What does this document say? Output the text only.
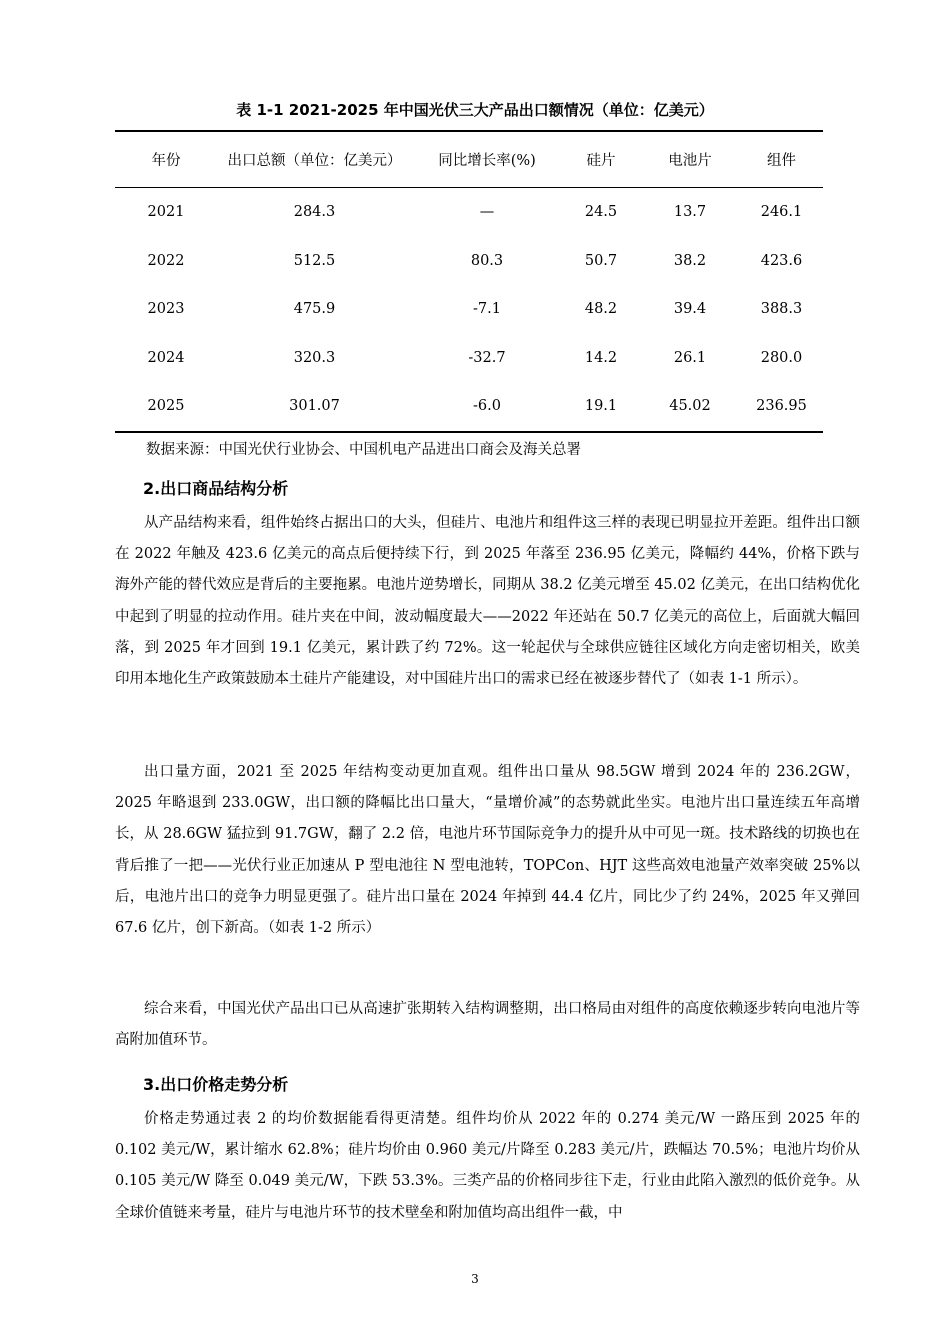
表 1-1 2021-2025 年中国光伏三大产品出口额情况（单位：亿美元）
年份	出口总额（单位：亿美元）	同比增长率(%)	硅片	电池片	组件
2021	284.3	—	24.5	13.7	246.1
2022	512.5	80.3	50.7	38.2	423.6
2023	475.9	-7.1	48.2	39.4	388.3
2024	320.3	-32.7	14.2	26.1	280.0
2025	301.07	-6.0	19.1	45.02	236.95
数据来源：中国光伏行业协会、中国机电产品进出口商会及海关总署
2.出口商品结构分析

从产品结构来看，组件始终占据出口的大头，但硅片、电池片和组件这三样的表现已明显拉开差距。组件出口额在 2022 年触及 423.6 亿美元的高点后便持续下行，到 2025 年落至 236.95 亿美元，降幅约 44%，价格下跌与海外产能的替代效应是背后的主要拖累。电池片逆势增长，同期从 38.2 亿美元增至 45.02 亿美元，在出口结构优化中起到了明显的拉动作用。硅片夹在中间，波动幅度最大——2022 年还站在 50.7 亿美元的高位上，后面就大幅回落，到 2025 年才回到 19.1 亿美元，累计跌了约 72%。这一轮起伏与全球供应链往区域化方向走密切相关，欧美印用本地化生产政策鼓励本土硅片产能建设，对中国硅片出口的需求已经在被逐步替代了（如表 1-1 所示）。

出口量方面，2021 至 2025 年结构变动更加直观。组件出口量从 98.5GW 增到 2024 年的 236.2GW，2025 年略退到 233.0GW，出口额的降幅比出口量大，“量增价减”的态势就此坐实。电池片出口量连续五年高增长，从 28.6GW 猛拉到 91.7GW，翻了 2.2 倍，电池片环节国际竞争力的提升从中可见一斑。技术路线的切换也在背后推了一把——光伏行业正加速从 P 型电池往 N 型电池转，TOPCon、HJT 这些高效电池量产效率突破 25%以后，电池片出口的竞争力明显更强了。硅片出口量在 2024 年掉到 44.4 亿片，同比少了约 24%，2025 年又弹回 67.6 亿片，创下新高。（如表 1-2 所示）

综合来看，中国光伏产品出口已从高速扩张期转入结构调整期，出口格局由对组件的高度依赖逐步转向电池片等高附加值环节。

3.出口价格走势分析

价格走势通过表 2 的均价数据能看得更清楚。组件均价从 2022 年的 0.274 美元/W 一路压到 2025 年的 0.102 美元/W，累计缩水 62.8%；硅片均价由 0.960 美元/片降至 0.283 美元/片，跌幅达 70.5%；电池片均价从 0.105 美元/W 降至 0.049 美元/W，下跌 53.3%。三类产品的价格同步往下走，行业由此陷入激烈的低价竞争。从全球价值链来考量，硅片与电池片环节的技术壁垒和附加值均高出组件一截，中

3
